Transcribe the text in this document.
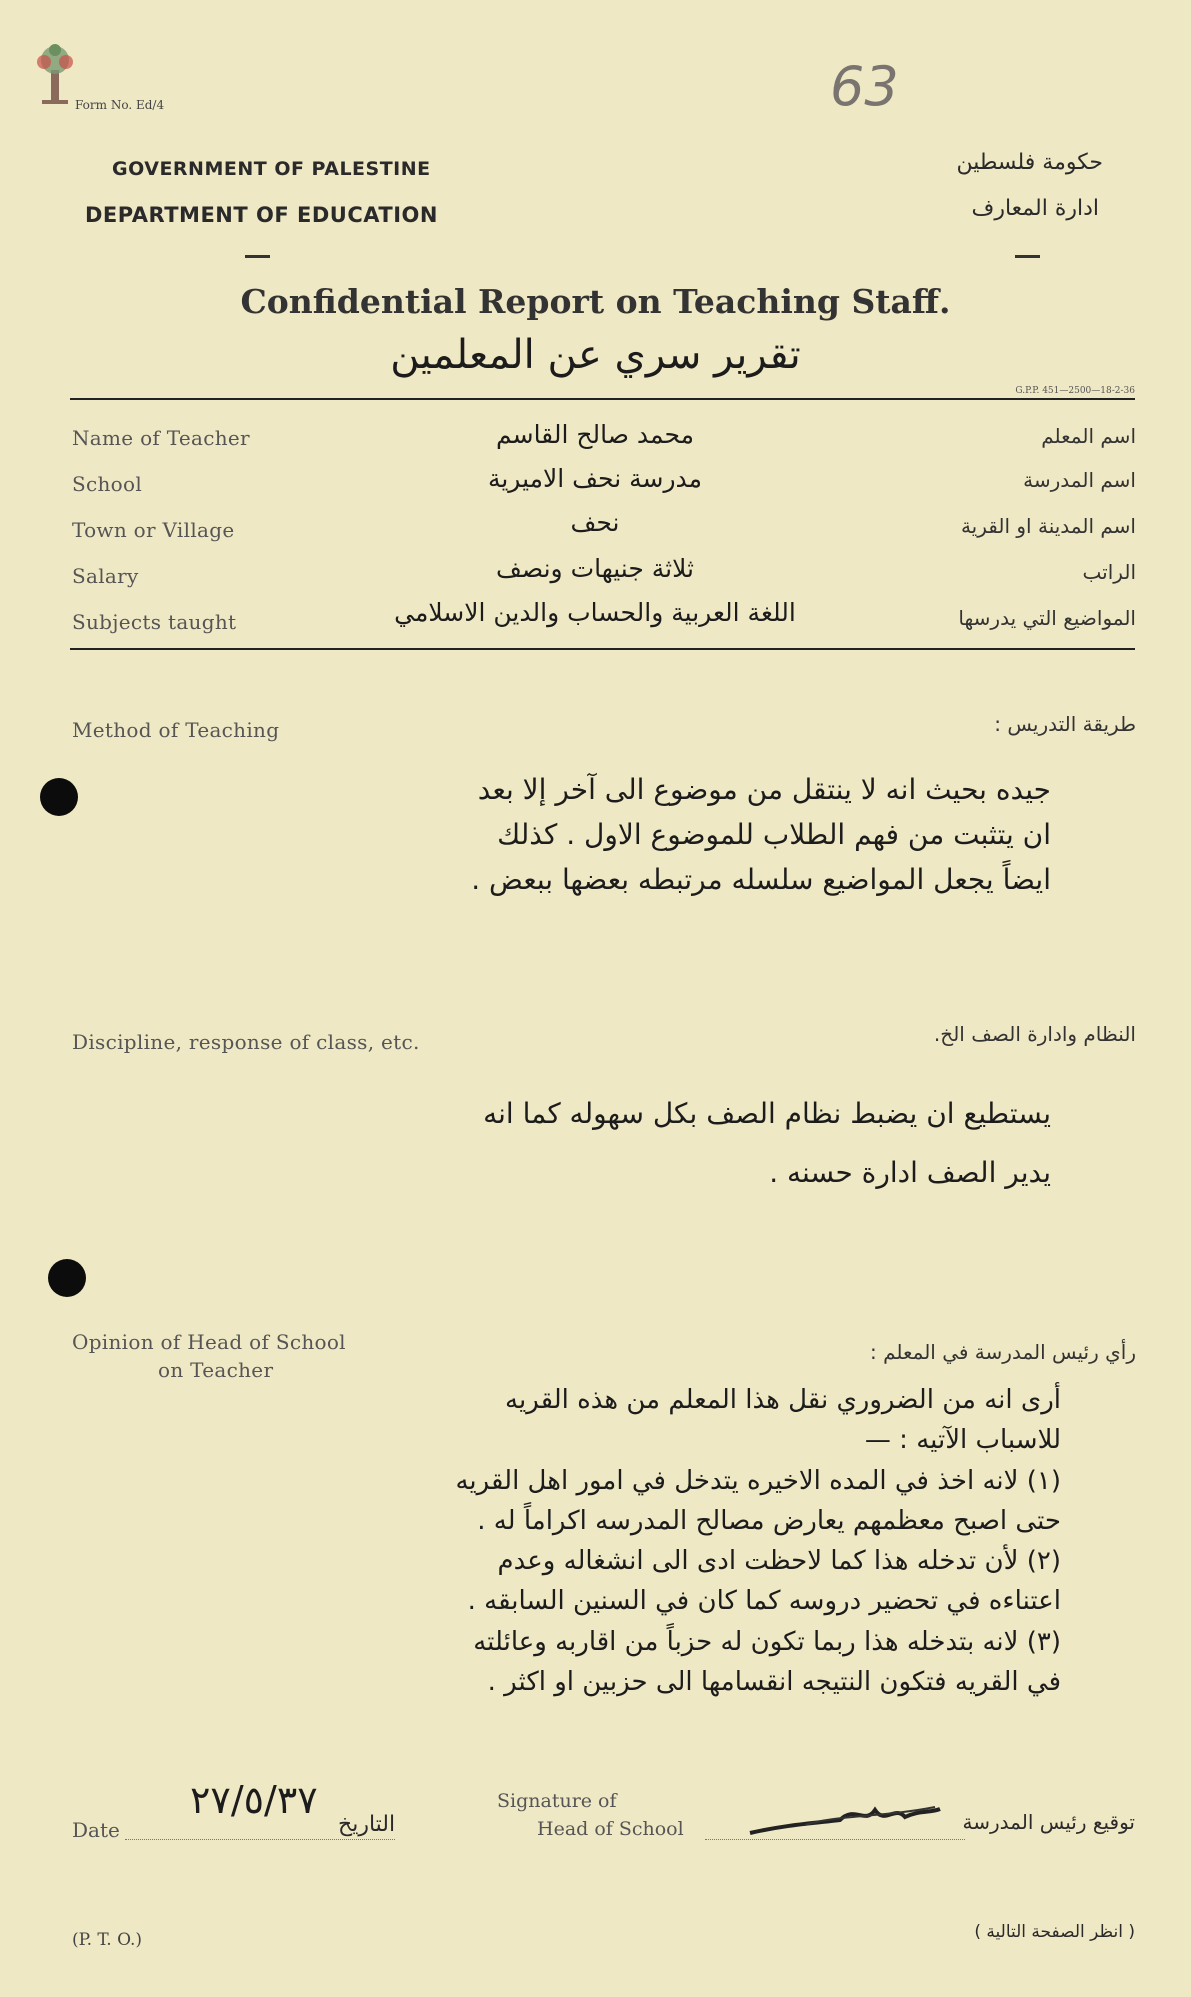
Form No. Ed/4	63
GOVERNMENT OF PALESTINE
DEPARTMENT OF EDUCATION
حكومة فلسطين
ادارة المعارف
Confidential Report on Teaching Staff.
تقرير سري عن المعلمين
G.P.P. 451—2500—18-2-36
Name of Teacher	محمد صالح القاسم	اسم المعلم
School	مدرسة نحف الاميرية	اسم المدرسة
Town or Village	نحف	اسم المدينة او القرية
Salary	ثلاثة جنيهات ونصف	الراتب
Subjects taught	اللغة العربية والحساب والدين الاسلامي	المواضيع التي يدرسها
Method of Teaching	طريقة التدريس :
جيده بحيث انه لا ينتقل من موضوع الى آخر إلا بعد
ان يتثبت من فهم الطلاب للموضوع الاول . كذلك
ايضاً يجعل المواضيع سلسله مرتبطه بعضها ببعض .
Discipline, response of class, etc.	النظام وادارة الصف الخ.
يستطيع ان يضبط نظام الصف بكل سهوله كما انه
يدير الصف ادارة حسنه .
Opinion of Head of School
on Teacher
رأي رئيس المدرسة في المعلم :
أرى انه من الضروري نقل هذا المعلم من هذه القريه
للاسباب الآتيه : —
(١) لانه اخذ في المده الاخيره يتدخل في امور اهل القريه
حتى اصبح معظمهم يعارض مصالح المدرسه اكراماً له .
(٢) لأن تدخله هذا كما لاحظت ادى الى انشغاله وعدم
اعتناءه في تحضير دروسه كما كان في السنين السابقه .
(٣) لانه بتدخله هذا ربما تكون له حزباً من اقاربه وعائلته
في القريه فتكون النتيجه انقسامها الى حزبين او اكثر .
Date
٢٧/٥/٣٧
التاريخ
Signature of
Head of School	توقيع رئيس المدرسة
(P. T. O.)	( انظر الصفحة التالية )
